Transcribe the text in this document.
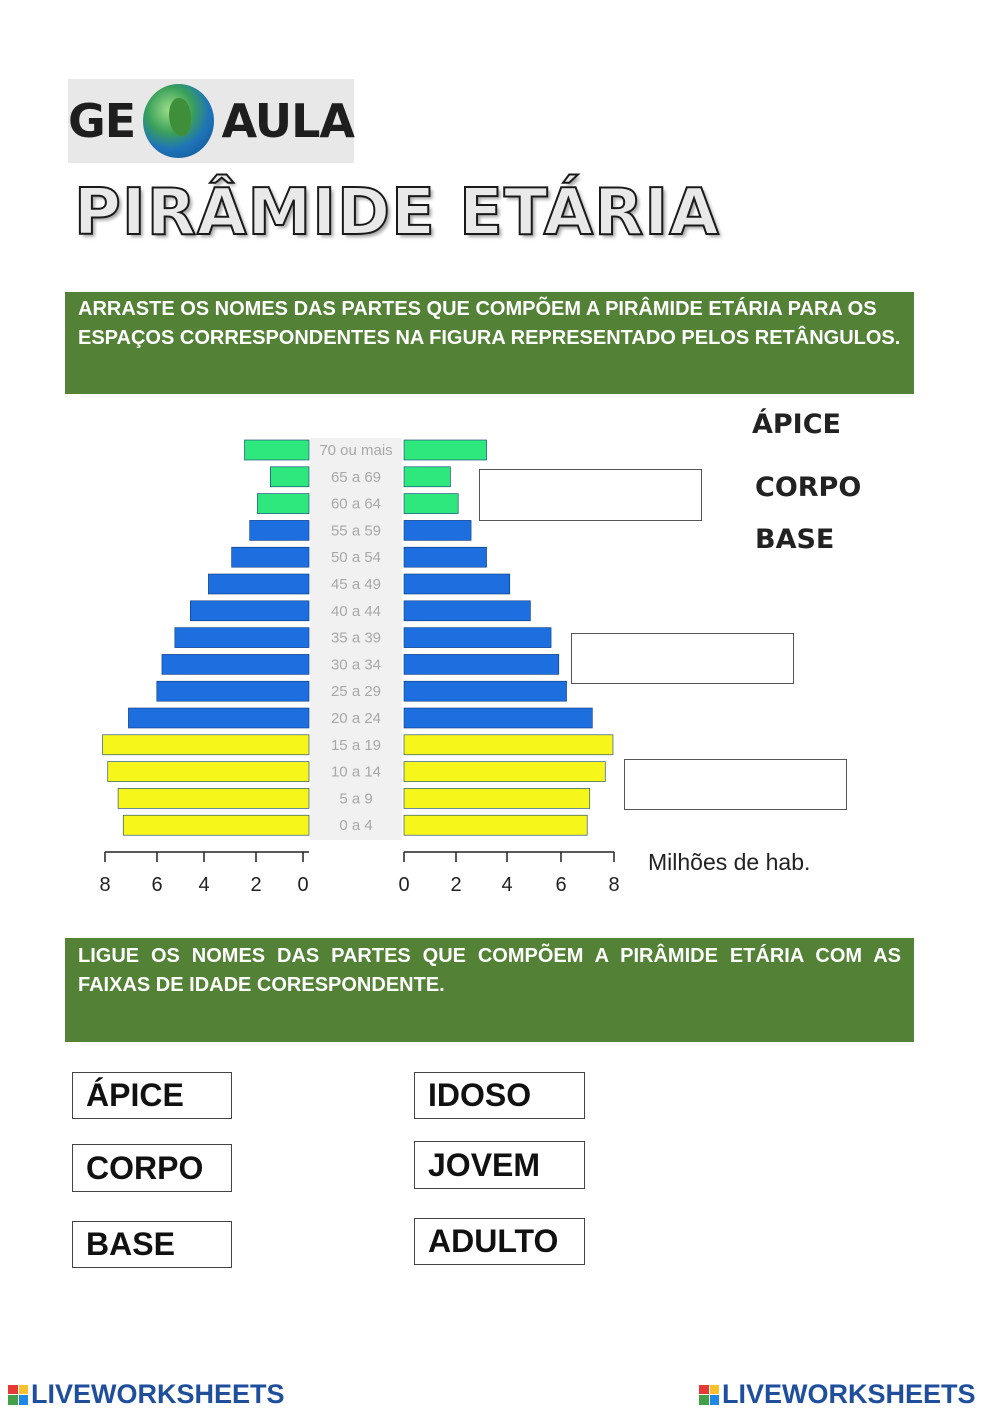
GE AULA
PIRÂMIDE ETÁRIA
ARRASTE OS NOMES DAS PARTES QUE COMPÕEM A PIRÂMIDE ETÁRIA PARA OS ESPAÇOS CORRESPONDENTES NA FIGURA REPRESENTADO PELOS RETÂNGULOS.
70 ou mais
65 a 69
60 a 64
55 a 59
50 a 54
45 a 49
40 a 44
35 a 39
30 a 34
25 a 29
20 a 24
15 a 19
10 a 14
5 a 9
0 a 4
8 6 4 2 0	0 2 4 6 8
Milhões de hab.
ÁPICE
CORPO
BASE
LIGUE OS NOMES DAS PARTES QUE COMPÕEM A PIRÂMIDE ETÁRIA COM AS FAIXAS DE IDADE CORESPONDENTE.
ÁPICE
CORPO
BASE
IDOSO
JOVEM
ADULTO
LIVEWORKSHEETS	LIVEWORKSHEETS
